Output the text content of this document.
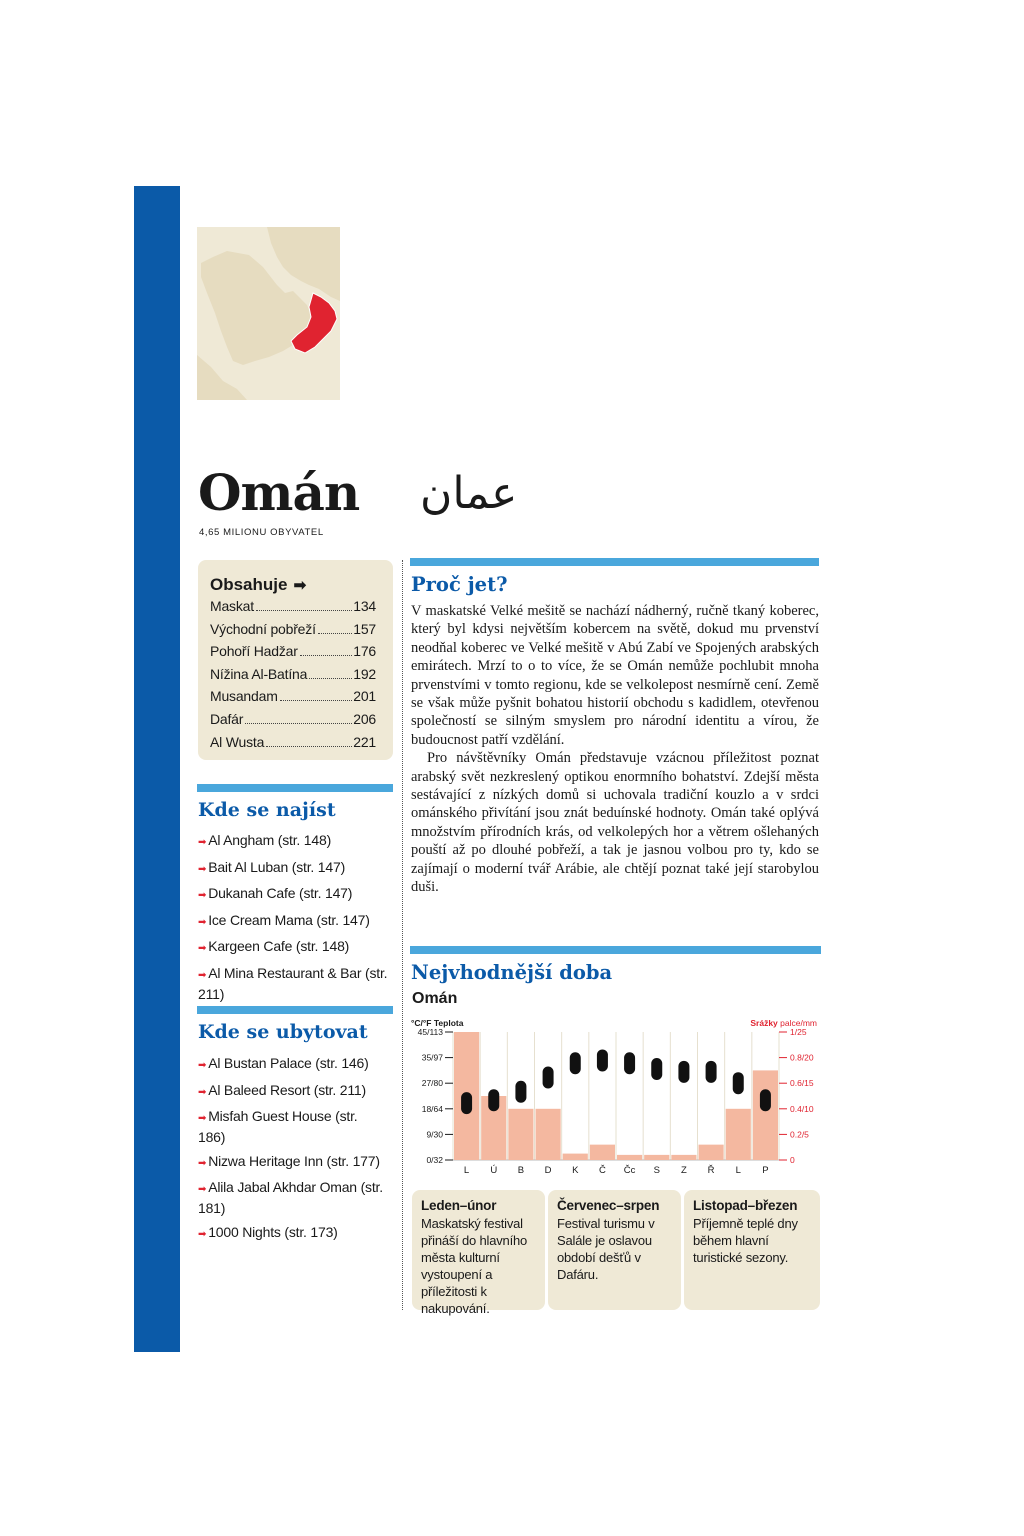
Omán عمان
4,65 MILIONU OBYVATEL
Obsahuje ➡
Maskat	134
Východní pobřeží	157
Pohoří Hadžar	176
Nížina Al-Batína	192
Musandam	201
Dafár	206
Al Wusta	221
Kde se najíst
➡ Al Angham (str. 148)
➡ Bait Al Luban (str. 147)
➡ Dukanah Cafe (str. 147)
➡ Ice Cream Mama (str. 147)
➡ Kargeen Cafe (str. 148)
➡ Al Mina Restaurant & Bar (str. 211)
Kde se ubytovat
➡ Al Bustan Palace (str. 146)
➡ Al Baleed Resort (str. 211)
➡ Misfah Guest House (str. 186)
➡ Nizwa Heritage Inn (str. 177)
➡ Alila Jabal Akhdar Oman (str. 181)
➡ 1000 Nights (str. 173)
Proč jet?

V maskatské Velké mešitě se nachází nádherný, ručně tkaný koberec, který byl kdysi největším kobercem na světě, dokud mu prvenství neodňal koberec ve Velké mešitě v Abú Zabí ve Spojených arabských emirátech. Mrzí to o to více, že se Omán nemůže pochlubit mnoha prvenstvími v tomto regionu, kde se velkolepost nesmírně cení. Země se však může pyšnit bohatou historií obchodu s kadidlem, otevřenou společností se silným smyslem pro národní identitu a vírou, že budoucnost patří vzdělání.

Pro návštěvníky Omán představuje vzácnou příležitost poznat arabský svět nezkreslený optikou enormního bohatství. Zdejší města sestávající z nízkých domů si uchovala tradiční kouzlo a v srdci ománského přivítání jsou znát beduínské hodnoty. Omán také oplývá množstvím přírodních krás, od velkolepých hor a větrem ošlehaných pouští až po dlouhé pobřeží, a tak je jasnou volbou pro ty, kdo se zajímají o moderní tvář Arábie, ale chtějí poznat také její starobylou duši.

Nejvhodnější doba
Omán
°C/°F Teplota	Srážky palce/mm
L Ú B D K Č Čc S Z Ř L P
0/32
9/30
18/64
27/80
35/97
45/113
0
0.2/5
0.4/10
0.6/15
0.8/20
1/25
Leden–únor
Maskatský festival přináší do hlavního města kulturní vystoupení a příležitosti k nakupování.
Červenec–srpen
Festival turismu v Salále je oslavou období dešťů v Dafáru.
Listopad–březen
Příjemně teplé dny během hlavní turistické sezony.
